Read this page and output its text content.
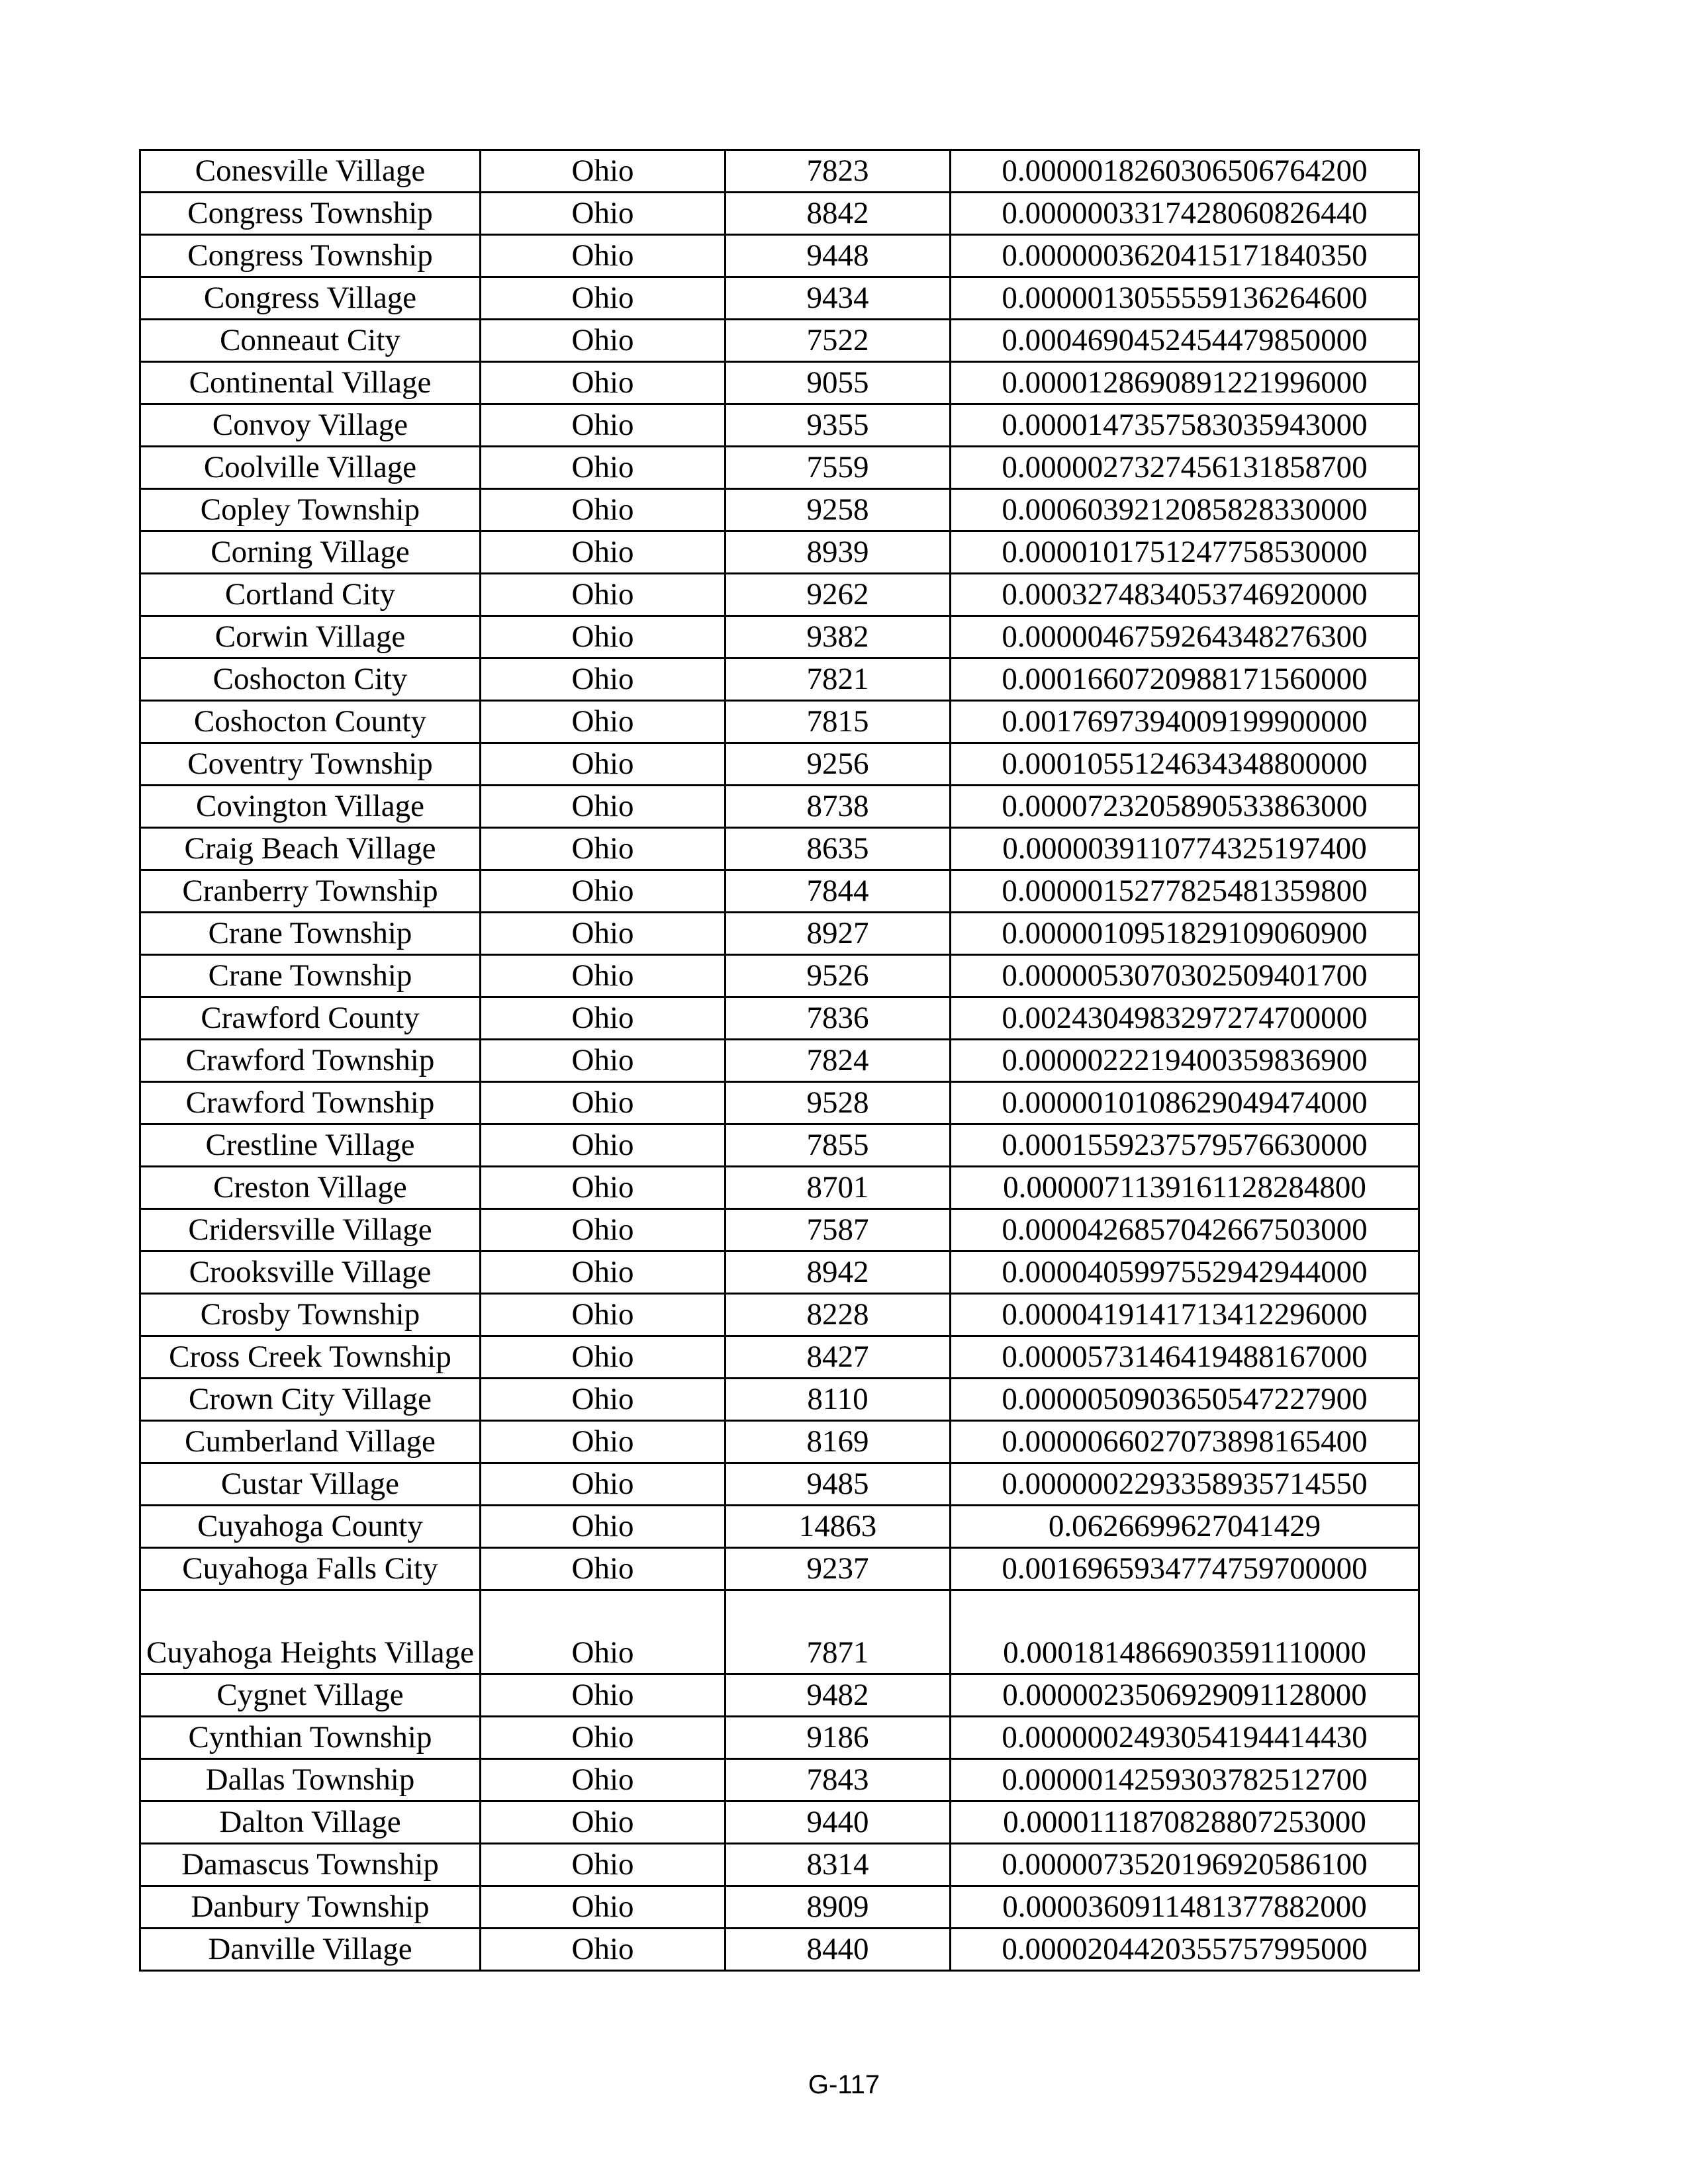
Conesville Village	Ohio	7823	0.0000018260306506764200
Congress Township	Ohio	8842	0.0000003317428060826440
Congress Township	Ohio	9448	0.0000003620415171840350
Congress Village	Ohio	9434	0.0000013055559136264600
Conneaut City	Ohio	7522	0.0004690452454479850000
Continental Village	Ohio	9055	0.0000128690891221996000
Convoy Village	Ohio	9355	0.0000147357583035943000
Coolville Village	Ohio	7559	0.0000027327456131858700
Copley Township	Ohio	9258	0.0006039212085828330000
Corning Village	Ohio	8939	0.0000101751247758530000
Cortland City	Ohio	9262	0.0003274834053746920000
Corwin Village	Ohio	9382	0.0000046759264348276300
Coshocton City	Ohio	7821	0.0001660720988171560000
Coshocton County	Ohio	7815	0.0017697394009199900000
Coventry Township	Ohio	9256	0.0001055124634348800000
Covington Village	Ohio	8738	0.0000723205890533863000
Craig Beach Village	Ohio	8635	0.0000039110774325197400
Cranberry Township	Ohio	7844	0.0000015277825481359800
Crane Township	Ohio	8927	0.0000010951829109060900
Crane Township	Ohio	9526	0.0000053070302509401700
Crawford County	Ohio	7836	0.0024304983297274700000
Crawford Township	Ohio	7824	0.0000022219400359836900
Crawford Township	Ohio	9528	0.0000010108629049474000
Crestline Village	Ohio	7855	0.0001559237579576630000
Creston Village	Ohio	8701	0.0000071139161128284800
Cridersville Village	Ohio	7587	0.0000426857042667503000
Crooksville Village	Ohio	8942	0.0000405997552942944000
Crosby Township	Ohio	8228	0.0000419141713412296000
Cross Creek Township	Ohio	8427	0.0000573146419488167000
Crown City Village	Ohio	8110	0.0000050903650547227900
Cumberland Village	Ohio	8169	0.0000066027073898165400
Custar Village	Ohio	9485	0.0000002293358935714550
Cuyahoga County	Ohio	14863	0.0626699627041429
Cuyahoga Falls City	Ohio	9237	0.0016965934774759700000
Cuyahoga Heights Village	Ohio	7871	0.0001814866903591110000
Cygnet Village	Ohio	9482	0.0000023506929091128000
Cynthian Township	Ohio	9186	0.0000002493054194414430
Dallas Township	Ohio	7843	0.0000014259303782512700
Dalton Village	Ohio	9440	0.0000111870828807253000
Damascus Township	Ohio	8314	0.0000073520196920586100
Danbury Township	Ohio	8909	0.0000360911481377882000
Danville Village	Ohio	8440	0.0000204420355757995000
G-117
